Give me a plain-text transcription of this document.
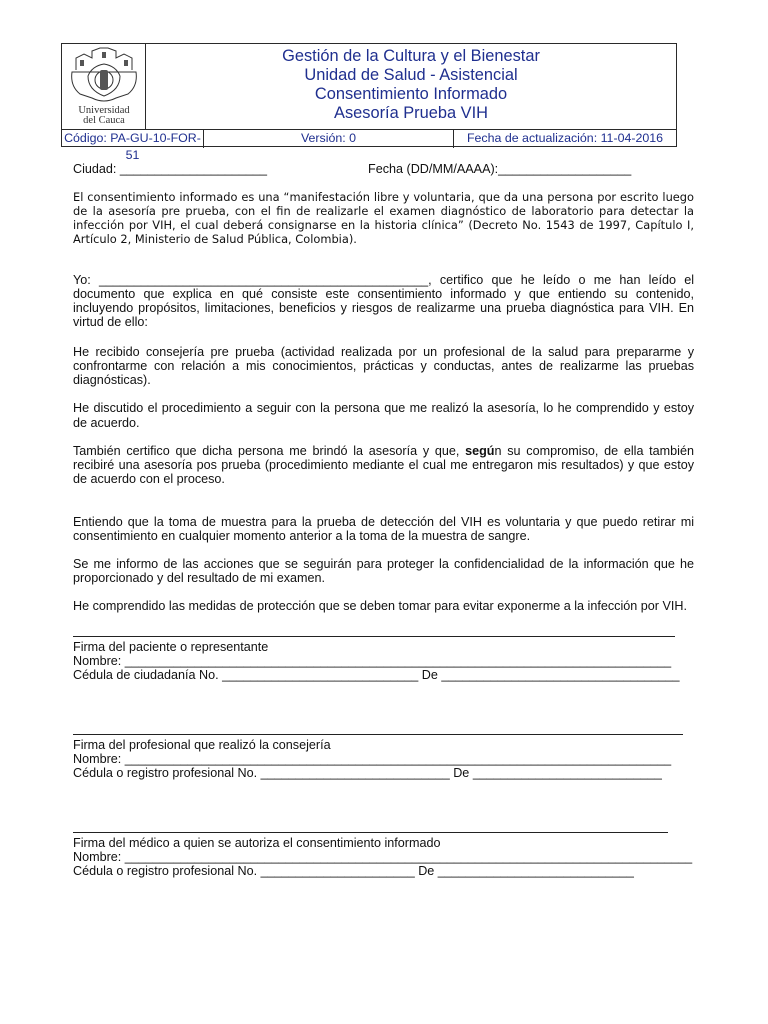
Universidad
del Cauca
Gestión de la Cultura y el Bienestar
Unidad de Salud - Asistencial
Consentimiento Informado
Asesoría Prueba VIH
Código: PA-GU-10-FOR-51
Versión: 0	Fecha de actualización: 11-04-2016
Ciudad: _____________________	Fecha (DD/MM/AAAA):___________________
El consentimiento informado es una “manifestación libre y voluntaria, que da una persona por escrito luego de la asesoría pre prueba, con el fin de realizarle el examen diagnóstico de laboratorio para detectar la infección por VIH, el cual deberá consignarse en la historia clínica” (Decreto No. 1543 de 1997, Capítulo I, Artículo 2, Ministerio de Salud Pública, Colombia).
Yo: _______________________________________________, certifico que he leído o me han leído el documento que explica en qué consiste este consentimiento informado y que entiendo su contenido, incluyendo propósitos, limitaciones, beneficios y riesgos de realizarme una prueba diagnóstica para VIH. En virtud de ello:
He recibido consejería pre prueba (actividad realizada por un profesional de la salud para prepararme y confrontarme con relación a mis conocimientos, prácticas y conductas, antes de realizarme las pruebas diagnósticas).
He discutido el procedimiento a seguir con la persona que me realizó la asesoría, lo he comprendido y estoy de acuerdo.
También certifico que dicha persona me brindó la asesoría y que, según su compromiso, de ella también recibiré una asesoría pos prueba (procedimiento mediante el cual me entregaron mis resultados) y que estoy de acuerdo con el proceso.
Entiendo que la toma de muestra para la prueba de detección del VIH es voluntaria y que puedo retirar mi consentimiento en cualquier momento anterior a la toma de la muestra de sangre.
Se me informo de las acciones que se seguirán para proteger la confidencialidad de la información que he proporcionado y del resultado de mi examen.
He comprendido las medidas de protección que se deben tomar para evitar exponerme a la infección por VIH.
Firma del paciente o representante
Nombre: ______________________________________________________________________________
Cédula de ciudadanía No. ____________________________ De __________________________________
Firma del profesional que realizó la consejería
Nombre: ______________________________________________________________________________
Cédula o registro profesional No. ___________________________ De ___________________________
Firma del médico a quien se autoriza el consentimiento informado
Nombre: _________________________________________________________________________________
Cédula o registro profesional No. ______________________ De ____________________________
